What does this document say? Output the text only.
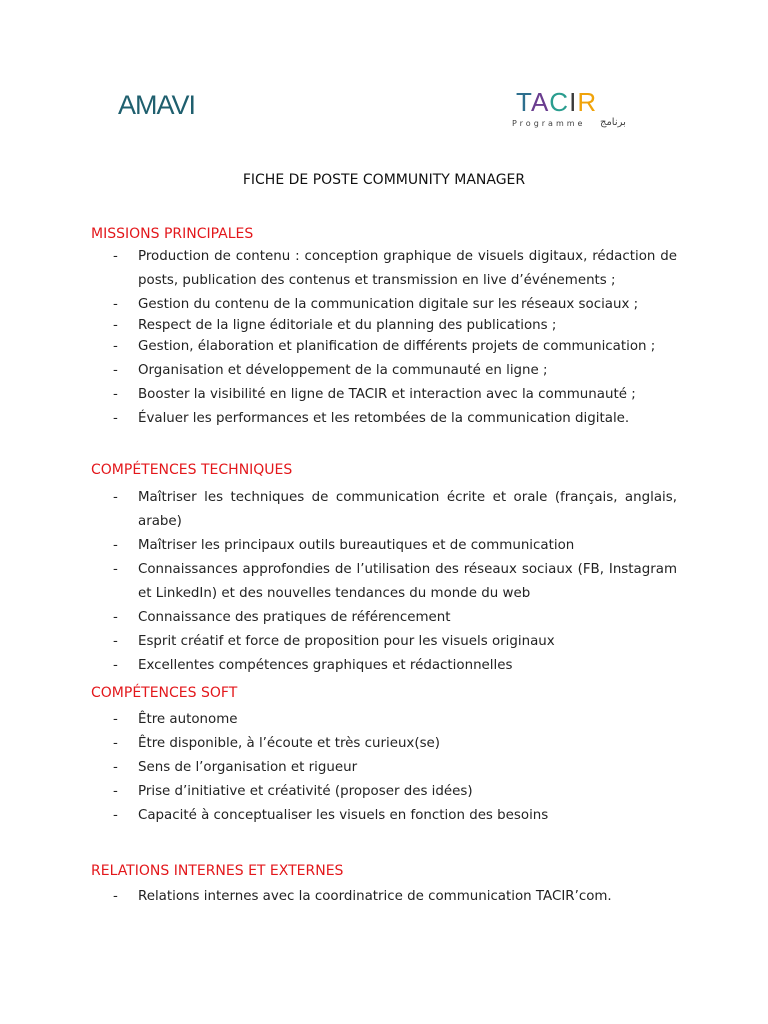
AMAVI	TACIR
Programme برنامج
FICHE DE POSTE COMMUNITY MANAGER
MISSIONS PRINCIPALES
- Production de contenu : conception graphique de visuels digitaux, rédaction de posts, publication des contenus et transmission en live d’événements ;
- Gestion du contenu de la communication digitale sur les réseaux sociaux ;
- Respect de la ligne éditoriale et du planning des publications ;
- Gestion, élaboration et planification de différents projets de communication ;
- Organisation et développement de la communauté en ligne ;
- Booster la visibilité en ligne de TACIR et interaction avec la communauté ;
- Évaluer les performances et les retombées de la communication digitale.
COMPÉTENCES TECHNIQUES
- Maîtriser les techniques de communication écrite et orale (français, anglais, arabe)
- Maîtriser les principaux outils bureautiques et de communication
- Connaissances approfondies de l’utilisation des réseaux sociaux (FB, Instagram et LinkedIn) et des nouvelles tendances du monde du web
- Connaissance des pratiques de référencement
- Esprit créatif et force de proposition pour les visuels originaux
- Excellentes compétences graphiques et rédactionnelles
COMPÉTENCES SOFT
- Être autonome
- Être disponible, à l’écoute et très curieux(se)
- Sens de l’organisation et rigueur
- Prise d’initiative et créativité (proposer des idées)
- Capacité à conceptualiser les visuels en fonction des besoins
RELATIONS INTERNES ET EXTERNES
- Relations internes avec la coordinatrice de communication TACIR’com.
